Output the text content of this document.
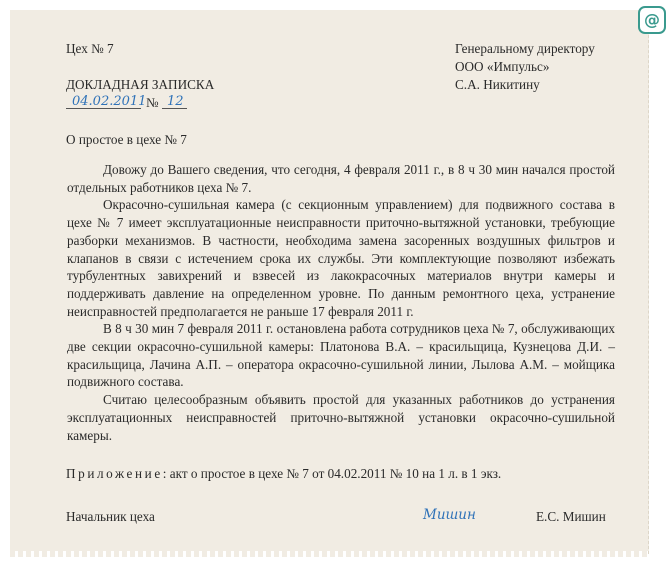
Цех № 7	Генеральному директору
ООО «Импульс»
С.А. Никитину
ДОКЛАДНАЯ ЗАПИСКА
04.02.2011 № 12
О простое в цехе № 7

Довожу до Вашего сведения, что сегодня, 4 февраля 2011 г., в 8 ч 30 мин начался простой отдельных работников цеха № 7.

Окрасочно-сушильная камера (с секционным управлением) для подвижного состава в цехе № 7 имеет эксплуатационные неисправности приточно-вытяжной установки, требующие разборки механизмов. В частности, необходима замена засоренных воздушных фильтров и клапанов в связи с истечением срока их службы. Эти комплектующие позволяют избежать турбулентных завихрений и взвесей из лакокрасочных материалов внутри камеры и поддерживать давление на определенном уровне. По данным ремонтного цеха, устранение неисправностей предполагается не раньше 17 февраля 2011 г.

В 8 ч 30 мин 7 февраля 2011 г. остановлена работа сотрудников цеха № 7, обслуживающих две секции окрасочно-сушильной камеры: Платонова В.А. – красильщица, Кузнецова Д.И. – красильщица, Лачина А.П. – оператора окрасочно-сушильной линии, Лылова А.М. – мойщика подвижного состава.

Считаю целесообразным объявить простой для указанных работников до устранения эксплуатационных неисправностей приточно-вытяжной установки окрасочно-сушильной камеры.

Приложение: акт о простое в цехе № 7 от 04.02.2011 № 10 на 1 л. в 1 экз.
Начальник цеха	Мишин	Е.С. Мишин
@
